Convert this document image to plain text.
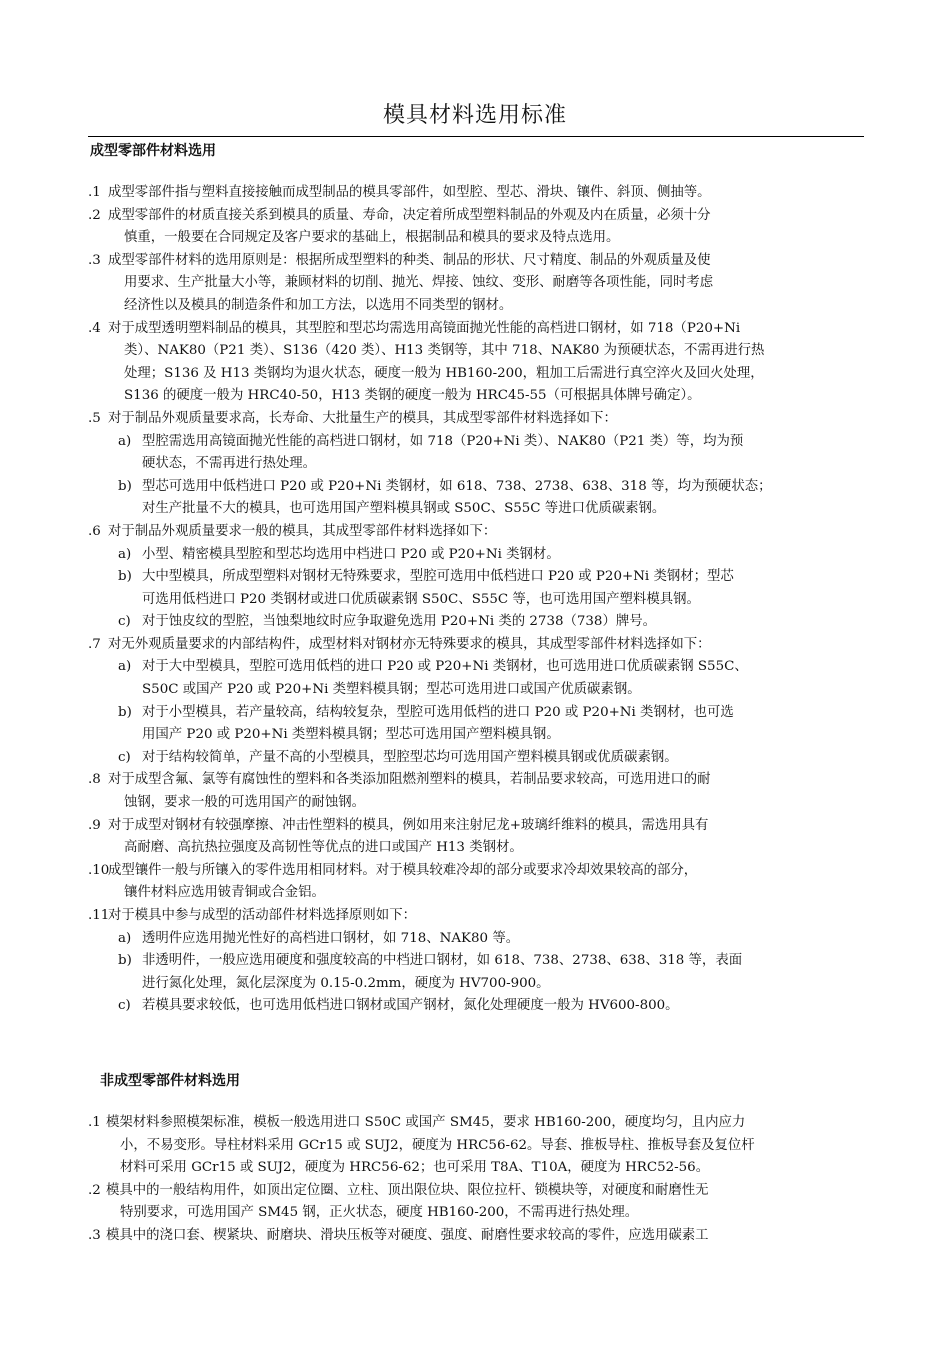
模具材料选用标准
成型零部件材料选用
.1 成型零部件指与塑料直接接触而成型制品的模具零部件，如型腔、型芯、滑块、镶件、斜顶、侧抽等。
.2 成型零部件的材质直接关系到模具的质量、寿命，决定着所成型塑料制品的外观及内在质量，必须十分
慎重，一般要在合同规定及客户要求的基础上，根据制品和模具的要求及特点选用。
.3 成型零部件材料的选用原则是：根据所成型塑料的种类、制品的形状、尺寸精度、制品的外观质量及使
用要求、生产批量大小等，兼顾材料的切削、抛光、焊接、蚀纹、变形、耐磨等各项性能，同时考虑
经济性以及模具的制造条件和加工方法，以选用不同类型的钢材。
.4 对于成型透明塑料制品的模具，其型腔和型芯均需选用高镜面抛光性能的高档进口钢材，如 718（P20+Ni
类）、NAK80（P21 类）、S136（420 类）、H13 类钢等，其中 718、NAK80 为预硬状态，不需再进行热
处理；S136 及 H13 类钢均为退火状态，硬度一般为 HB160-200，粗加工后需进行真空淬火及回火处理，
S136 的硬度一般为 HRC40-50，H13 类钢的硬度一般为 HRC45-55（可根据具体牌号确定）。
.5 对于制品外观质量要求高，长寿命、大批量生产的模具，其成型零部件材料选择如下：
a) 型腔需选用高镜面抛光性能的高档进口钢材，如 718（P20+Ni 类）、NAK80（P21 类）等，均为预
硬状态，不需再进行热处理。
b) 型芯可选用中低档进口 P20 或 P20+Ni 类钢材，如 618、738、2738、638、318 等，均为预硬状态；
对生产批量不大的模具，也可选用国产塑料模具钢或 S50C、S55C 等进口优质碳素钢。
.6 对于制品外观质量要求一般的模具，其成型零部件材料选择如下：
a) 小型、精密模具型腔和型芯均选用中档进口 P20 或 P20+Ni 类钢材。
b) 大中型模具，所成型塑料对钢材无特殊要求，型腔可选用中低档进口 P20 或 P20+Ni 类钢材；型芯
可选用低档进口 P20 类钢材或进口优质碳素钢 S50C、S55C 等，也可选用国产塑料模具钢。
c) 对于蚀皮纹的型腔，当蚀梨地纹时应争取避免选用 P20+Ni 类的 2738（738）牌号。
.7 对无外观质量要求的内部结构件，成型材料对钢材亦无特殊要求的模具，其成型零部件材料选择如下：
a) 对于大中型模具，型腔可选用低档的进口 P20 或 P20+Ni 类钢材，也可选用进口优质碳素钢 S55C、
S50C 或国产 P20 或 P20+Ni 类塑料模具钢；型芯可选用进口或国产优质碳素钢。
b) 对于小型模具，若产量较高，结构较复杂，型腔可选用低档的进口 P20 或 P20+Ni 类钢材，也可选
用国产 P20 或 P20+Ni 类塑料模具钢；型芯可选用国产塑料模具钢。
c) 对于结构较简单，产量不高的小型模具，型腔型芯均可选用国产塑料模具钢或优质碳素钢。
.8 对于成型含氟、氯等有腐蚀性的塑料和各类添加阻燃剂塑料的模具，若制品要求较高，可选用进口的耐
蚀钢，要求一般的可选用国产的耐蚀钢。
.9 对于成型对钢材有较强摩擦、冲击性塑料的模具，例如用来注射尼龙+玻璃纤维料的模具，需选用具有
高耐磨、高抗热拉强度及高韧性等优点的进口或国产 H13 类钢材。
.10
成型镶件一般与所镶入的零件选用相同材料。对于模具较难冷却的部分或要求冷却效果较高的部分，
镶件材料应选用铍青铜或合金铝。
.11
对于模具中参与成型的活动部件材料选择原则如下：
a) 透明件应选用抛光性好的高档进口钢材，如 718、NAK80 等。
b) 非透明件，一般应选用硬度和强度较高的中档进口钢材，如 618、738、2738、638、318 等，表面
进行氮化处理，氮化层深度为 0.15-0.2mm，硬度为 HV700-900。
c) 若模具要求较低，也可选用低档进口钢材或国产钢材，氮化处理硬度一般为 HV600-800。
非成型零部件材料选用
.1 模架材料参照模架标准，模板一般选用进口 S50C 或国产 SM45，要求 HB160-200，硬度均匀，且内应力
小，不易变形。导柱材料采用 GCr15 或 SUJ2，硬度为 HRC56-62。导套、推板导柱、推板导套及复位杆
材料可采用 GCr15 或 SUJ2，硬度为 HRC56-62；也可采用 T8A、T10A，硬度为 HRC52-56。
.2 模具中的一般结构用件，如顶出定位圈、立柱、顶出限位块、限位拉杆、锁模块等，对硬度和耐磨性无
特别要求，可选用国产 SM45 钢，正火状态，硬度 HB160-200，不需再进行热处理。
.3 模具中的浇口套、楔紧块、耐磨块、滑块压板等对硬度、强度、耐磨性要求较高的零件，应选用碳素工
